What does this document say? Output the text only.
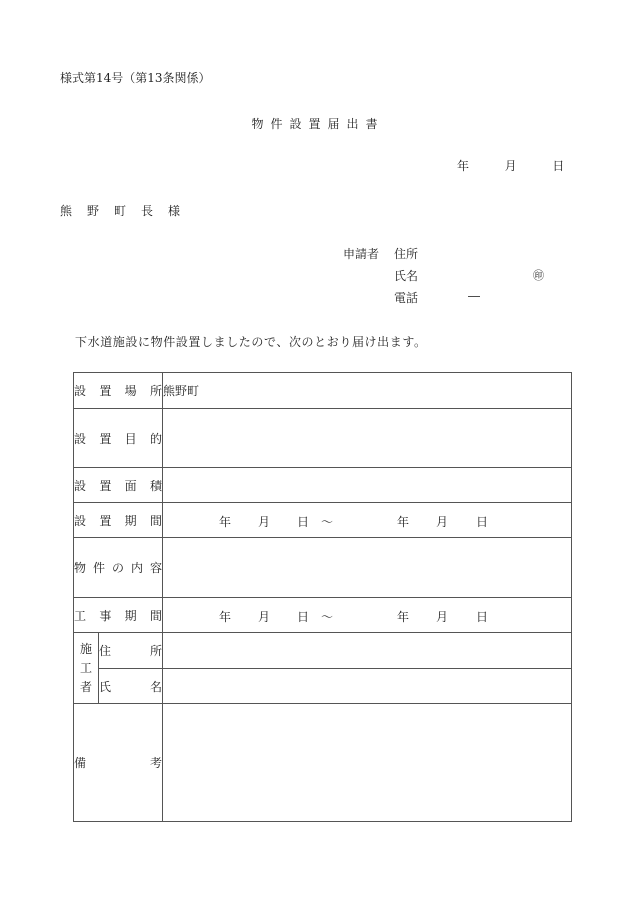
様式第14号（第13条関係）
物件設置届出書
年	月	日
熊野町長様
申請者 住所
氏名	㊞
電話	―
下水道施設に物件設置しましたので、次のとおり届け出ます。
設置場所		熊野町
設置目的		
設置面積		
設置期間	年 月 日 ～	年 月 日

物件の内容		
工事期間	年 月 日 ～	年 月 日

施
工
者	住所	
	氏名	

備 考		
